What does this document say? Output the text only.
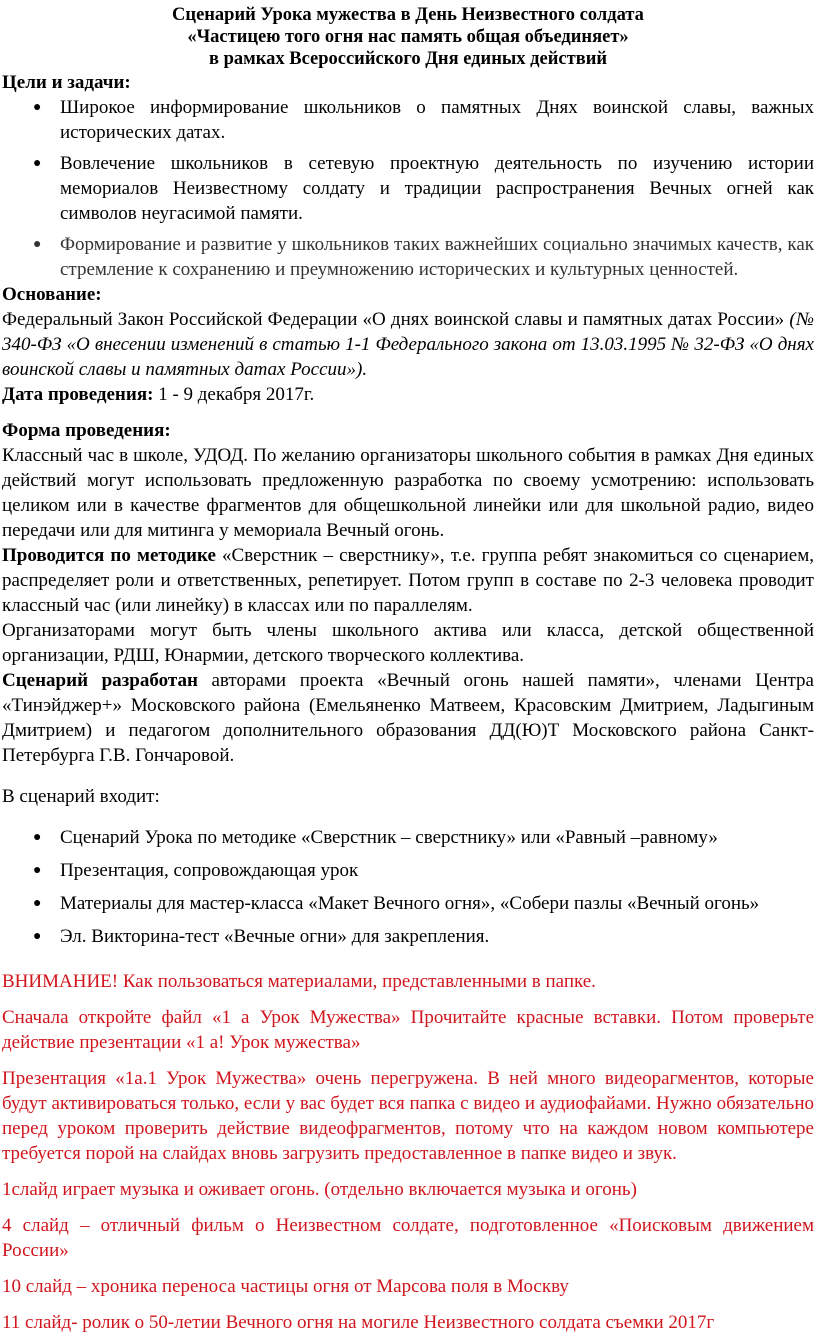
Сценарий Урока мужества в День Неизвестного солдата
«Частицею того огня нас память общая объединяет»
в рамках Всероссийского Дня единых действий
Цели и задачи:
● Широкое информирование школьников о памятных Днях воинской славы, важных исторических датах.
● Вовлечение школьников в сетевую проектную деятельность по изучению истории мемориалов Неизвестному солдату и традиции распространения Вечных огней как символов неугасимой памяти.
● Формирование и развитие у школьников таких важнейших социально значимых качеств, как стремление к сохранению и преумножению исторических и культурных ценностей.
Основание:

Федеральный Закон Российской Федерации «О днях воинской славы и памятных датах России» (№ 340-ФЗ «О внесении изменений в статью 1-1 Федерального закона от 13.03.1995 № 32-ФЗ «О днях воинской славы и памятных датах России»).

Дата проведения: 1 - 9 декабря 2017г.

Форма проведения:

Классный час в школе, УДОД. По желанию организаторы школьного события в рамках Дня единых действий могут использовать предложенную разработка по своему усмотрению: использовать целиком или в качестве фрагментов для общешкольной линейки или для школьной радио, видео передачи или для митинга у мемориала Вечный огонь.

Проводится по методике «Сверстник – сверстнику», т.е. группа ребят знакомиться со сценарием, распределяет роли и ответственных, репетирует. Потом групп в составе по 2-3 человека проводит классный час (или линейку) в классах или по параллелям.

Организаторами могут быть члены школьного актива или класса, детской общественной организации, РДШ, Юнармии, детского творческого коллектива.

Сценарий разработан авторами проекта «Вечный огонь нашей памяти», членами Центра «Тинэйджер+» Московского района (Емельяненко Матвеем, Красовским Дмитрием, Ладыгиным Дмитрием) и педагогом дополнительного образования ДД(Ю)Т Московского района Санкт-Петербурга Г.В. Гончаровой.

В сценарий входит:

● Сценарий Урока по методике «Сверстник – сверстнику» или «Равный –равному»
● Презентация, сопровождающая урок
● Материалы для мастер-класса «Макет Вечного огня», «Собери пазлы «Вечный огонь»
● Эл. Викторина-тест «Вечные огни» для закрепления.

ВНИМАНИЕ! Как пользоваться материалами, представленными в папке.

Сначала откройте файл «1 а Урок Мужества» Прочитайте красные вставки. Потом проверьте действие презентации «1 а! Урок мужества»

Презентация «1а.1 Урок Мужества» очень перегружена. В ней много видеорагментов, которые будут активироваться только, если у вас будет вся папка с видео и аудиофайами. Нужно обязательно перед уроком проверить действие видеофрагментов, потому что на каждом новом компьютере требуется порой на слайдах вновь загрузить предоставленное в папке видео и звук.

1слайд играет музыка и оживает огонь. (отдельно включается музыка и огонь)

4 слайд – отличный фильм о Неизвестном солдате, подготовленное «Поисковым движением России»

10 слайд – хроника переноса частицы огня от Марсова поля в Москву

11 слайд- ролик о 50-летии Вечного огня на могиле Неизвестного солдата съемки 2017г
